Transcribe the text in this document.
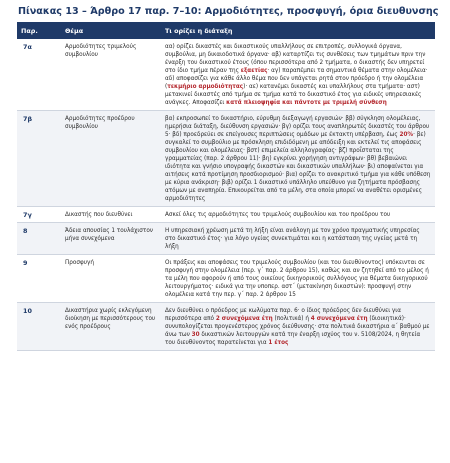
Πίνακας 13 – Άρθρο 17 παρ. 7–10: Αρμοδιότητες, προσφυγή, όρια διευθυνσης
Παρ.	Θέμα	Τι ορίζει η διάταξη
7α	Αρμοδιότητες τριμελούς συμβουλίου	αα) ορίζει δικαστές και δικαστικούς υπαλλήλους σε επιτροπές, συλλογικά όργανα, συμβούλια, μη δικαιοδοτικά όργανα· αβ) καταρτίζει τις συνθέσεις των τμημάτων πριν την έναρξη του δικαστικού έτους (όπου περισσότερα από 2 τμήματα, ο δικαστής δεν υπηρετεί στο ίδιο τμήμα πέραν της εξαετίας· αγ) παραπέμπει τα σημαντικά θέματα στην ολομέλεια· αδ) αποφασίζει για κάθε άλλο θέμα που δεν υπάγεται ρητά στον πρόεδρο ή την ολομέλεια (τεκμήριο αρμοδιότητας)· αε) κατανέμει δικαστές και υπαλλήλους στα τμήματα· αστ) μετακινεί δικαστές από τμήμα σε τμήμα κατά το δικαστικό έτος για ειδικές υπηρεσιακές ανάγκες. Αποφασίζει κατά πλειοψηφία και πάντοτε με τριμελή σύνθεση
7β	Αρμοδιότητες προέδρου συμβουλίου	βα) εκπροσωπεί το δικαστήριο, εύρυθμη διεξαγωγή εργασιών· ββ) σύγκληση ολομέλειας, ημερήσια διάταξη, διεύθυνση εργασιών· βγ) ορίζει τους αναπληρωτές δικαστές του άρθρου 5· βδ) προεδρεύει σε επείγουσες περιπτώσεις ομάδων με έκτακτη υπέρβαση, έως 20%· βε) συγκαλεί το συμβούλιο με πρόσκληση επιδιδόμενη με απόδειξη και εκτελεί τις αποφάσεις συμβουλίου και ολομέλειας· βστ) επιμελεία αλληλογραφίας· βζ) προΐσταται της γραμματείας (παρ. 2 άρθρου 11)· βη) εγκρίνει χορήγηση αντιγράφων· βθ) βεβαιώνει ιδιότητα και γνήσιο υπογραφής δικαστών και δικαστικών υπαλλήλων· βι) αποφαίνεται για αιτήσεις κατά προτίμηση προσδιορισμού· βια) ορίζει το ανακριτικό τμήμα για κάθε υπόθεση με κύρια ανάκριση· βιβ) ορίζει 1 δικαστικό υπάλληλο υπεύθυνο για ζητήματα πρόσβασης ατόμων με αναπηρία. Επικουρείται από τα μέλη, στα οποία μπορεί να αναθέτει ορισμένες αρμοδιότητες
7γ	Δικαστής που διευθύνει	Ασκεί όλες τις αρμοδιότητες του τριμελούς συμβουλίου και του προέδρου του
8	Άδεια απουσίας 1 τουλάχιστον μήνα συνεχόμενα	Η υπηρεσιακή χρέωση μετά τη λήξη είναι ανάλογη με τον χρόνο πραγματικής υπηρεσίας στο δικαστικό έτος· για λόγο υγείας συνεκτιμάται και η κατάσταση της υγείας μετά τη λήξη
9	Προσφυγή	Οι πράξεις και αποφάσεις του τριμελούς συμβουλίου (και του διευθύνοντος) υπόκεινται σε προσφυγή στην ολομέλεια (περ. γ΄ παρ. 2 άρθρου 15), καθώς και αν ζητηθεί από το μέλος ή τα μέλη που αφορούν ή από τους οικείους δικηγορικούς συλλόγους για θέματα δικηγορικού λειτουργήματος· ειδικά για την υποπερ. αστ΄ (μετακίνηση δικαστών): προσφυγή στην ολομέλεια κατά την περ. γ΄ παρ. 2 άρθρου 15
10	Δικαστήρια χωρίς εκλεγόμενη διοίκηση με περισσότερους του ενός προέδρους	Δεν διευθύνει ο πρόεδρος με κωλύματα παρ. 6· ο ίδιος πρόεδρος δεν διευθύνει για περισσότερα από 2 συνεχόμενα έτη (πολιτικά) ή 4 συνεχόμενα έτη (διοικητικά)· συνυπολογίζεται προγενέστερος χρόνος διεύθυνσης· στα πολιτικά δικαστήρια α΄ βαθμού με άνω των 30 δικαστικών λειτουργών κατά την έναρξη ισχύος του ν. 5108/2024, η θητεία του διευθύνοντος παρατείνεται για 1 έτος
